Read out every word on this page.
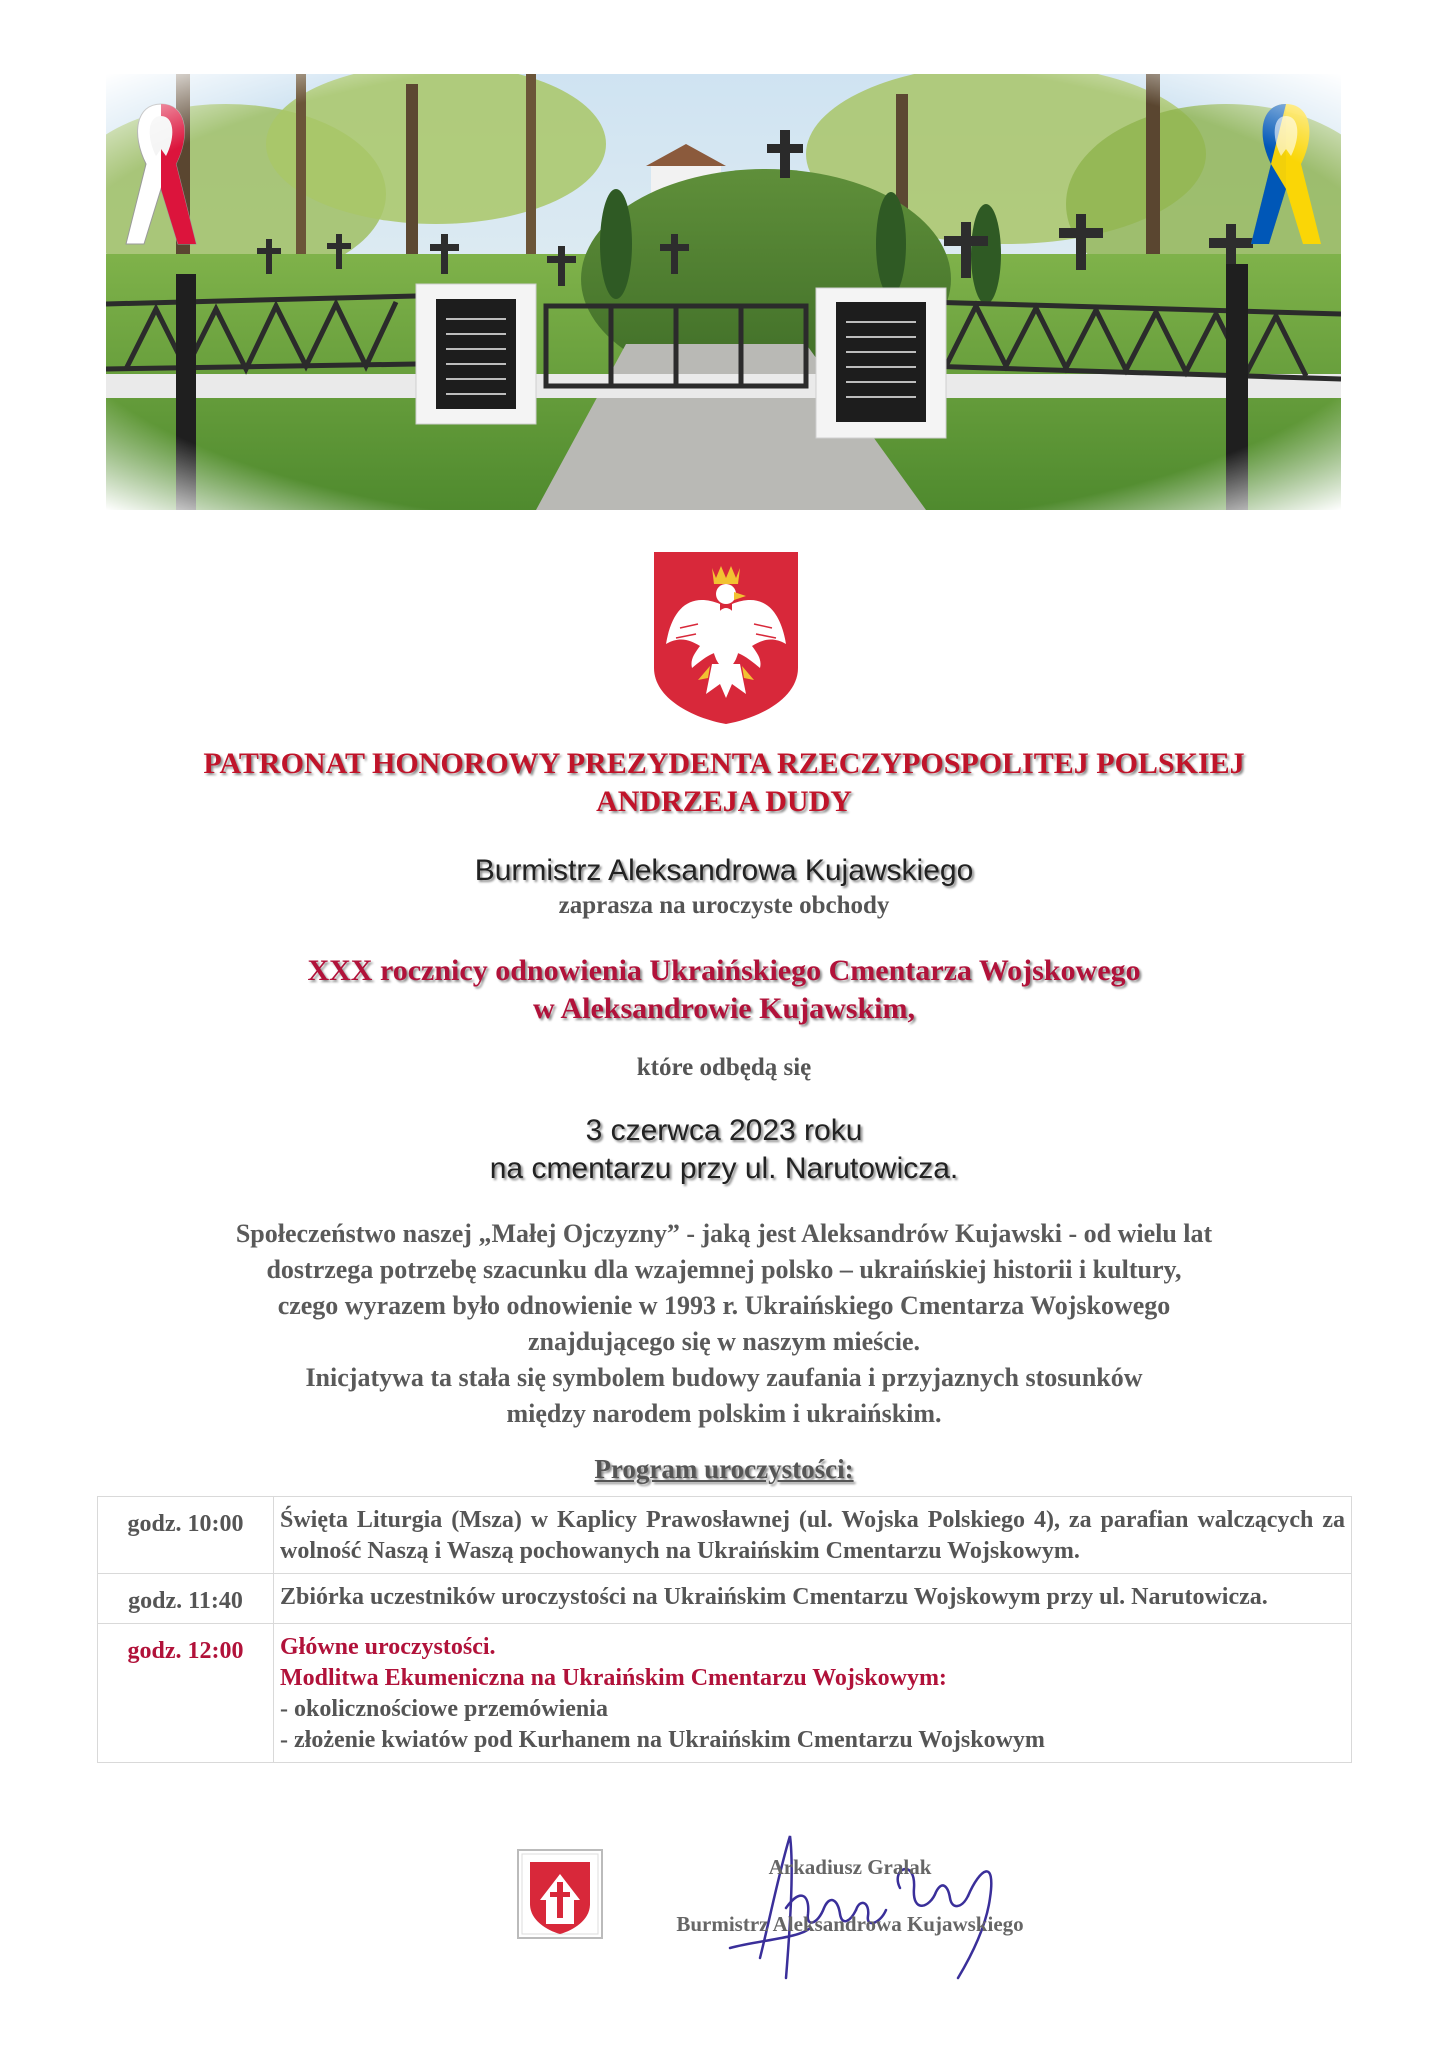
PATRONAT HONOROWY PREZYDENTA RZECZYPOSPOLITEJ POLSKIEJ
ANDRZEJA DUDY

Burmistrz Aleksandrowa Kujawskiego

zaprasza na uroczyste obchody

XXX rocznicy odnowienia Ukraińskiego Cmentarza Wojskowego
w Aleksandrowie Kujawskim,

które odbędą się

3 czerwca 2023 roku
na cmentarzu przy ul. Narutowicza.

Społeczeństwo naszej „Małej Ojczyzny” - jaką jest Aleksandrów Kujawski - od wielu lat
dostrzega potrzebę szacunku dla wzajemnej polsko – ukraińskiej historii i kultury,
czego wyrazem było odnowienie w 1993 r. Ukraińskiego Cmentarza Wojskowego
znajdującego się w naszym mieście.
Inicjatywa ta stała się symbolem budowy zaufania i przyjaznych stosunków
między narodem polskim i ukraińskim.

Program uroczystości:

godz. 10:00	Święta Liturgia (Msza) w Kaplicy Prawosławnej (ul. Wojska Polskiego 4), za parafian walczących za wolność Naszą i Waszą pochowanych na Ukraińskim Cmentarzu Wojskowym.
godz. 11:40	Zbiórka uczestników uroczystości na Ukraińskim Cmentarzu Wojskowym przy ul. Narutowicza.
godz. 12:00	Główne uroczystości.
Modlitwa Ekumeniczna na Ukraińskim Cmentarzu Wojskowym:
- okolicznościowe przemówienia
- złożenie kwiatów pod Kurhanem na Ukraińskim Cmentarzu Wojskowym

Arkadiusz Gralak

Burmistrz Aleksandrowa Kujawskiego
